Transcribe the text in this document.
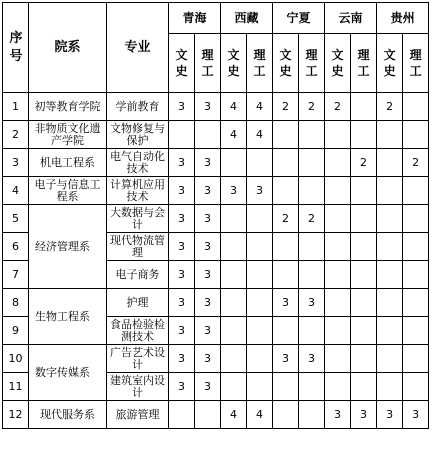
序号	院系	专业	青海		西藏		宁夏		云南		贵州	
			文史	理工	文史	理工	文史	理工	文史	理工	文史	理工
1	初等教育学院	学前教育	3	3	4	4	2	2	2		2	
2	非物质文化遗产学院	文物修复与保护			4	4						
3	机电工程系	电气自动化技术	3	3						2		2
4	电子与信息工程系	计算机应用技术	3	3	3	3						
5	经济管理系	大数据与会计	3	3			2	2				
6		现代物流管理	3	3								
7		电子商务	3	3								
8	生物工程系	护理	3	3			3	3				
9		食品检验检测技术	3	3								
10	数字传媒系	广告艺术设计	3	3			3	3				
11		建筑室内设计	3	3								
12	现代服务系	旅游管理			4	4			3	3	3	3
